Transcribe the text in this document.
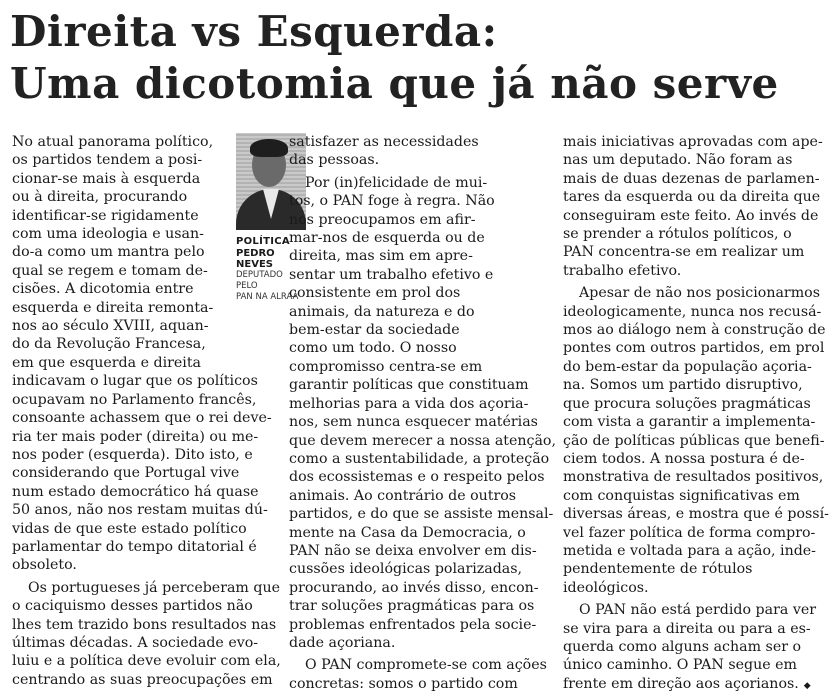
Direita vs Esquerda:
Uma dicotomia que já não serve
POLÍTICA
PEDRO NEVES
DEPUTADO PELO
PAN NA ALRAA
No atual panorama político,
os partidos tendem a posi-
cionar-se mais à esquerda
ou à direita, procurando
identificar-se rigidamente
com uma ideologia e usan-
do-a como um mantra pelo
qual se regem e tomam de-
cisões. A dicotomia entre
esquerda e direita remonta-
nos ao século XVIII, aquan-
do da Revolução Francesa,
em que esquerda e direita
indicavam o lugar que os políticos
ocupavam no Parlamento francês,
consoante achassem que o rei deve-
ria ter mais poder (direita) ou me-
nos poder (esquerda). Dito isto, e
considerando que Portugal vive
num estado democrático há quase
50 anos, não nos restam muitas dú-
vidas de que este estado político
parlamentar do tempo ditatorial é
obsoleto.
Os portugueses já perceberam que
o caciquismo desses partidos não
lhes tem trazido bons resultados nas
últimas décadas. A sociedade evo-
luiu e a política deve evoluir com ela,
centrando as suas preocupações em
satisfazer as necessidades
das pessoas.
Por (in)felicidade de mui-
tos, o PAN foge à regra. Não
nos preocupamos em afir-
mar-nos de esquerda ou de
direita, mas sim em apre-
sentar um trabalho efetivo e
consistente em prol dos
animais, da natureza e do
bem-estar da sociedade
como um todo. O nosso
compromisso centra-se em
garantir políticas que constituam
melhorias para a vida dos açoria-
nos, sem nunca esquecer matérias
que devem merecer a nossa atenção,
como a sustentabilidade, a proteção
dos ecossistemas e o respeito pelos
animais. Ao contrário de outros
partidos, e do que se assiste mensal-
mente na Casa da Democracia, o
PAN não se deixa envolver em dis-
cussões ideológicas polarizadas,
procurando, ao invés disso, encon-
trar soluções pragmáticas para os
problemas enfrentados pela socie-
dade açoriana.
O PAN compromete-se com ações
concretas: somos o partido com
mais iniciativas aprovadas com ape-
nas um deputado. Não foram as
mais de duas dezenas de parlamen-
tares da esquerda ou da direita que
conseguiram este feito. Ao invés de
se prender a rótulos políticos, o
PAN concentra-se em realizar um
trabalho efetivo.
Apesar de não nos posicionarmos
ideologicamente, nunca nos recusá-
mos ao diálogo nem à construção de
pontes com outros partidos, em prol
do bem-estar da população açoria-
na. Somos um partido disruptivo,
que procura soluções pragmáticas
com vista a garantir a implementa-
ção de políticas públicas que benefi-
ciem todos. A nossa postura é de-
monstrativa de resultados positivos,
com conquistas significativas em
diversas áreas, e mostra que é possí-
vel fazer política de forma compro-
metida e voltada para a ação, inde-
pendentemente de rótulos
ideológicos.
O PAN não está perdido para ver
se vira para a direita ou para a es-
querda como alguns acham ser o
único caminho. O PAN segue em
frente em direção aos açorianos. ◆
